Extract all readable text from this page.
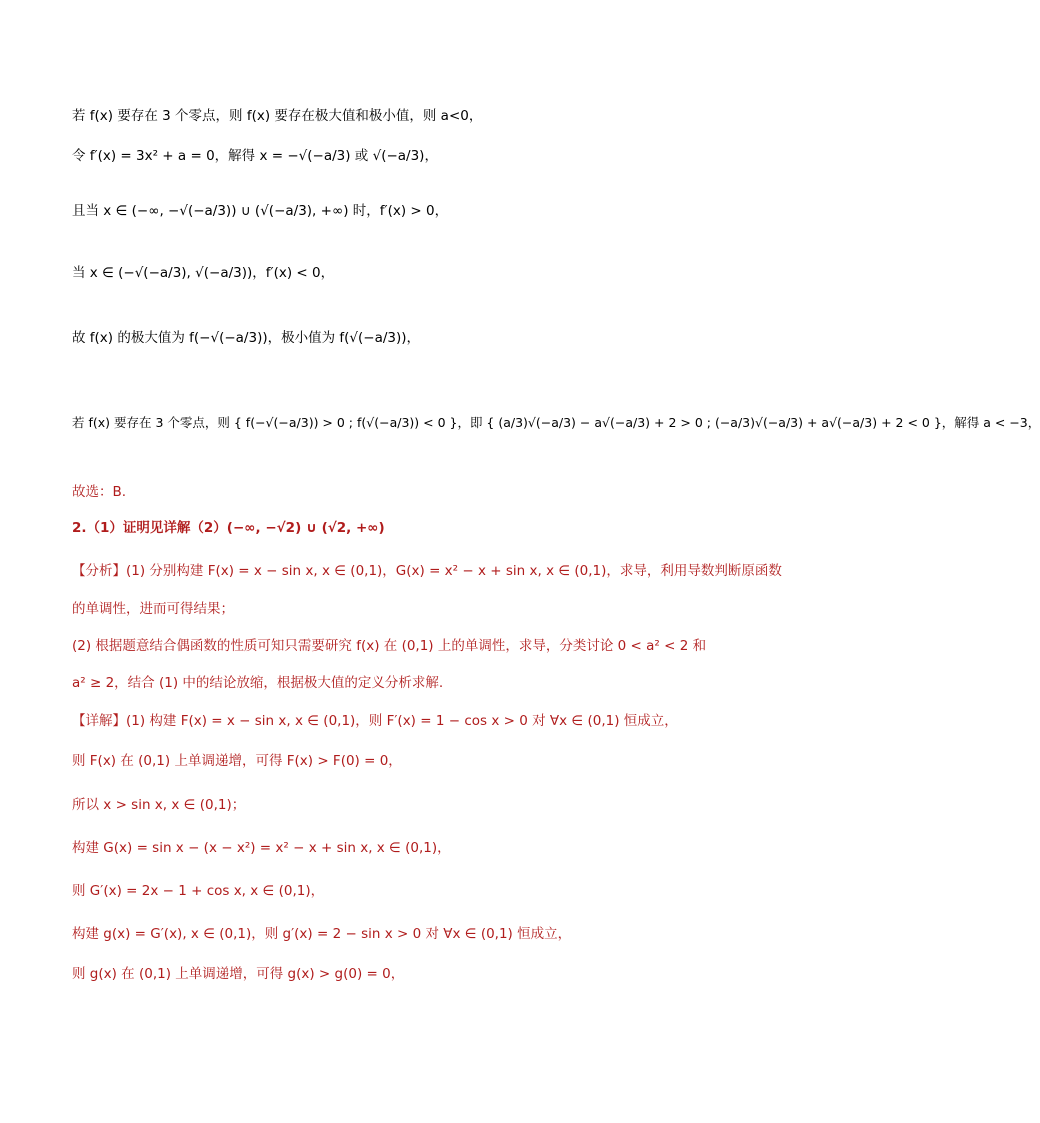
若 f(x) 要存在 3 个零点，则 f(x) 要存在极大值和极小值，则 a<0，
令 f′(x) = 3x² + a = 0，解得 x = −√(−a/3) 或 √(−a/3)，
且当 x ∈ (−∞, −√(−a/3)) ∪ (√(−a/3), +∞) 时，f′(x) > 0，
当 x ∈ (−√(−a/3), √(−a/3))，f′(x) < 0，
故 f(x) 的极大值为 f(−√(−a/3))，极小值为 f(√(−a/3))，
若 f(x) 要存在 3 个零点，则 { f(−√(−a/3)) > 0 ; f(√(−a/3)) < 0 }，即 { (a/3)√(−a/3) − a√(−a/3) + 2 > 0 ; (−a/3)√(−a/3) + a√(−a/3) + 2 < 0 }，解得 a < −3，
故选：B.
2.（1）证明见详解（2）(−∞, −√2) ∪ (√2, +∞)
【分析】(1) 分别构建 F(x) = x − sin x, x ∈ (0,1)，G(x) = x² − x + sin x, x ∈ (0,1)，求导，利用导数判断原函数
的单调性，进而可得结果；
(2) 根据题意结合偶函数的性质可知只需要研究 f(x) 在 (0,1) 上的单调性，求导，分类讨论 0 < a² < 2 和
a² ≥ 2，结合 (1) 中的结论放缩，根据极大值的定义分析求解.
【详解】(1) 构建 F(x) = x − sin x, x ∈ (0,1)，则 F′(x) = 1 − cos x > 0 对 ∀x ∈ (0,1) 恒成立，
则 F(x) 在 (0,1) 上单调递增，可得 F(x) > F(0) = 0，
所以 x > sin x, x ∈ (0,1)；
构建 G(x) = sin x − (x − x²) = x² − x + sin x, x ∈ (0,1)，
则 G′(x) = 2x − 1 + cos x, x ∈ (0,1)，
构建 g(x) = G′(x), x ∈ (0,1)，则 g′(x) = 2 − sin x > 0 对 ∀x ∈ (0,1) 恒成立，
则 g(x) 在 (0,1) 上单调递增，可得 g(x) > g(0) = 0，
